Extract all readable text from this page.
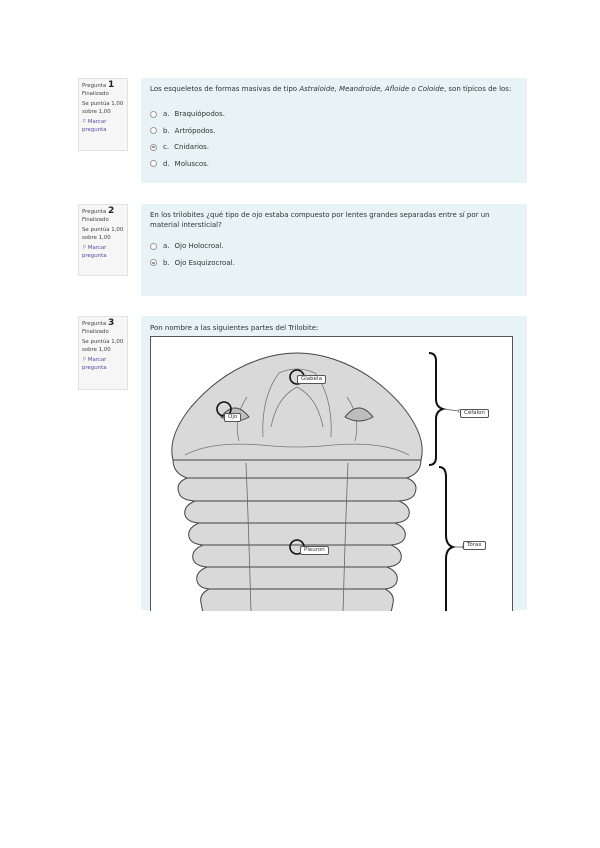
Pregunta 1
Finalizado
Se puntúa 1,00
sobre 1,00
⚐Marcar
pregunta
Los esqueletos de formas masivas de tipo Astraloide, Meandroide, Afloide o Coloide, son típicos de los:
a. Braquiópodos.
b. Artrópodos.
c. Cnidarios.
d. Moluscos.
Pregunta 2
Finalizado
Se puntúa 1,00
sobre 1,00
⚐Marcar
pregunta
En los trilobites ¿qué tipo de ojo estaba compuesto por lentes grandes separadas entre sí por un material intersticial?
a. Ojo Holocroal.
b. Ojo Esquizocroal.
Pregunta 3
Finalizado
Se puntúa 1,00
sobre 1,00
⚐Marcar
pregunta
Pon nombre a las siguientes partes del Trilobite:
Glabela
Ojo
Céfalon
Tórax
Pleuron
